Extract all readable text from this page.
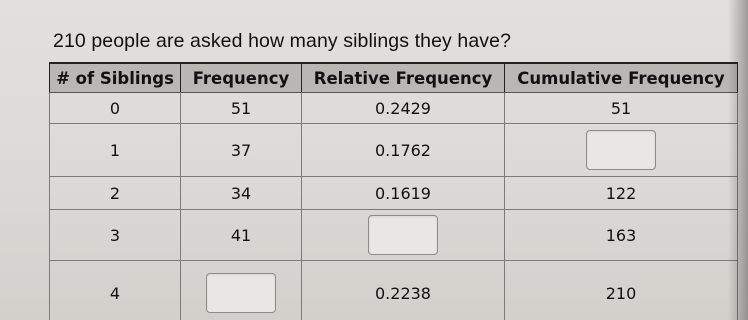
210 people are asked how many siblings they have?
# of Siblings	Frequency	Relative Frequency	Cumulative Frequency
0	51	0.2429	51
1	37	0.1762	
2	34	0.1619	122
3	41		163
4		0.2238	210
